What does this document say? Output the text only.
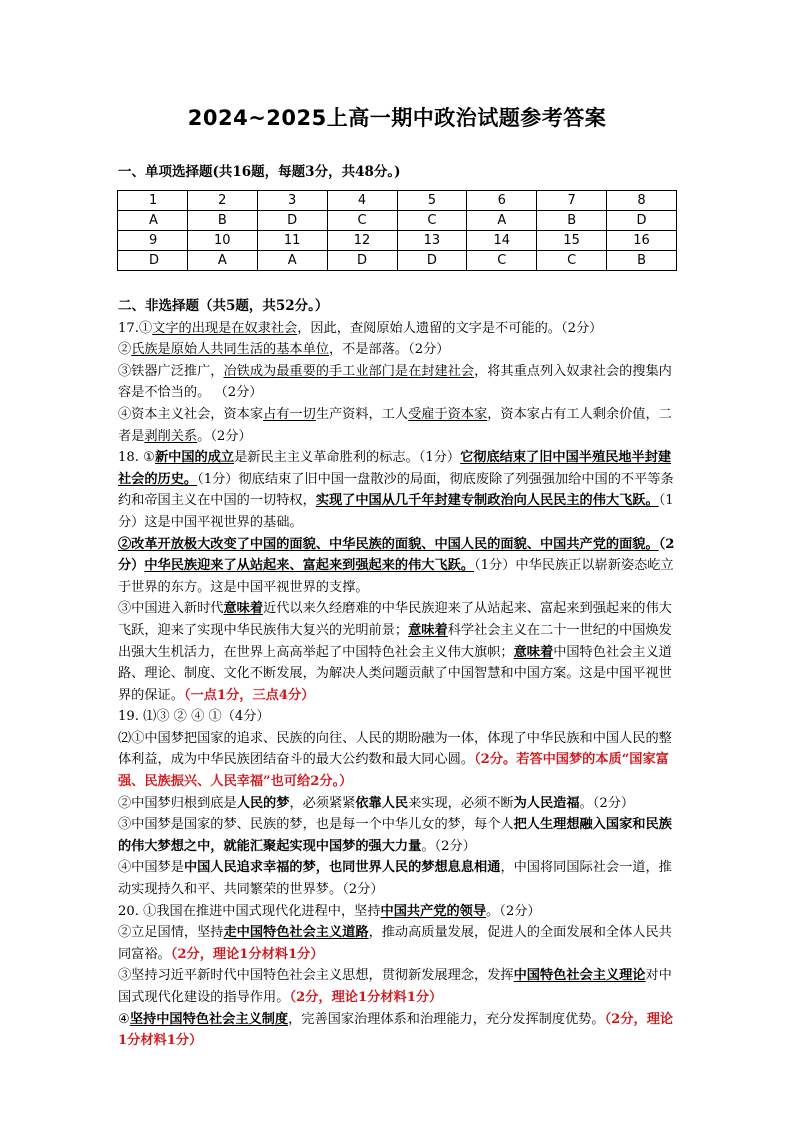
2024~2025上高一期中政治试题参考答案
一、单项选择题(共16题，每题3分，共48分。)
1	2	3	4	5	6	7	8
A	B	D	C	C	A	B	D
9	10	11	12	13	14	15	16
D	A	A	D	D	C	C	B

二、非选择题（共5题，共52分。）

17.①文字的出现是在奴隶社会，因此，查阅原始人遗留的文字是不可能的。（2分）

②氏族是原始人共同生活的基本单位，不是部落。（2分）

③铁器广泛推广，冶铁成为最重要的手工业部门是在封建社会，将其重点列入奴隶社会的搜集内容是不恰当的。 （2分）

④资本主义社会，资本家占有一切生产资料，工人受雇于资本家，资本家占有工人剩余价值，二者是剥削关系。（2分）

18. ①新中国的成立是新民主主义革命胜利的标志。（1分）它彻底结束了旧中国半殖民地半封建社会的历史。（1分）彻底结束了旧中国一盘散沙的局面，彻底废除了列强强加给中国的不平等条约和帝国主义在中国的一切特权，实现了中国从几千年封建专制政治向人民民主的伟大飞跃。（1分）这是中国平视世界的基础。

②改革开放极大改变了中国的面貌、中华民族的面貌、中国人民的面貌、中国共产党的面貌。（2分）中华民族迎来了从站起来、富起来到强起来的伟大飞跃。（1分）中华民族正以崭新姿态屹立于世界的东方。这是中国平视世界的支撑。

③中国进入新时代意味着近代以来久经磨难的中华民族迎来了从站起来、富起来到强起来的伟大飞跃，迎来了实现中华民族伟大复兴的光明前景；意味着科学社会主义在二十一世纪的中国焕发出强大生机活力，在世界上高高举起了中国特色社会主义伟大旗帜；意味着中国特色社会主义道路、理论、制度、文化不断发展，为解决人类问题贡献了中国智慧和中国方案。这是中国平视世界的保证。（一点1分，三点4分）

19. ⑴③ ② ④ ①（4分）

⑵①中国梦把国家的追求、民族的向往、人民的期盼融为一体，体现了中华民族和中国人民的整体利益，成为中华民族团结奋斗的最大公约数和最大同心圆。（2分。若答中国梦的本质“国家富强、民族振兴、人民幸福”也可给2分。）

②中国梦归根到底是人民的梦，必须紧紧依靠人民来实现，必须不断为人民造福。（2分）

③中国梦是国家的梦、民族的梦，也是每一个中华儿女的梦，每个人把人生理想融入国家和民族的伟大梦想之中，就能汇聚起实现中国梦的强大力量。（2分）

④中国梦是中国人民追求幸福的梦，也同世界人民的梦想息息相通，中国将同国际社会一道，推动实现持久和平、共同繁荣的世界梦。（2分）

20. ①我国在推进中国式现代化进程中，坚持中国共产党的领导。（2分）

②立足国情，坚持走中国特色社会主义道路，推动高质量发展，促进人的全面发展和全体人民共同富裕。（2分，理论1分材料1分）

③坚持习近平新时代中国特色社会主义思想，贯彻新发展理念，发挥中国特色社会主义理论对中国式现代化建设的指导作用。（2分，理论1分材料1分）

④坚持中国特色社会主义制度，完善国家治理体系和治理能力，充分发挥制度优势。（2分，理论1分材料1分）
